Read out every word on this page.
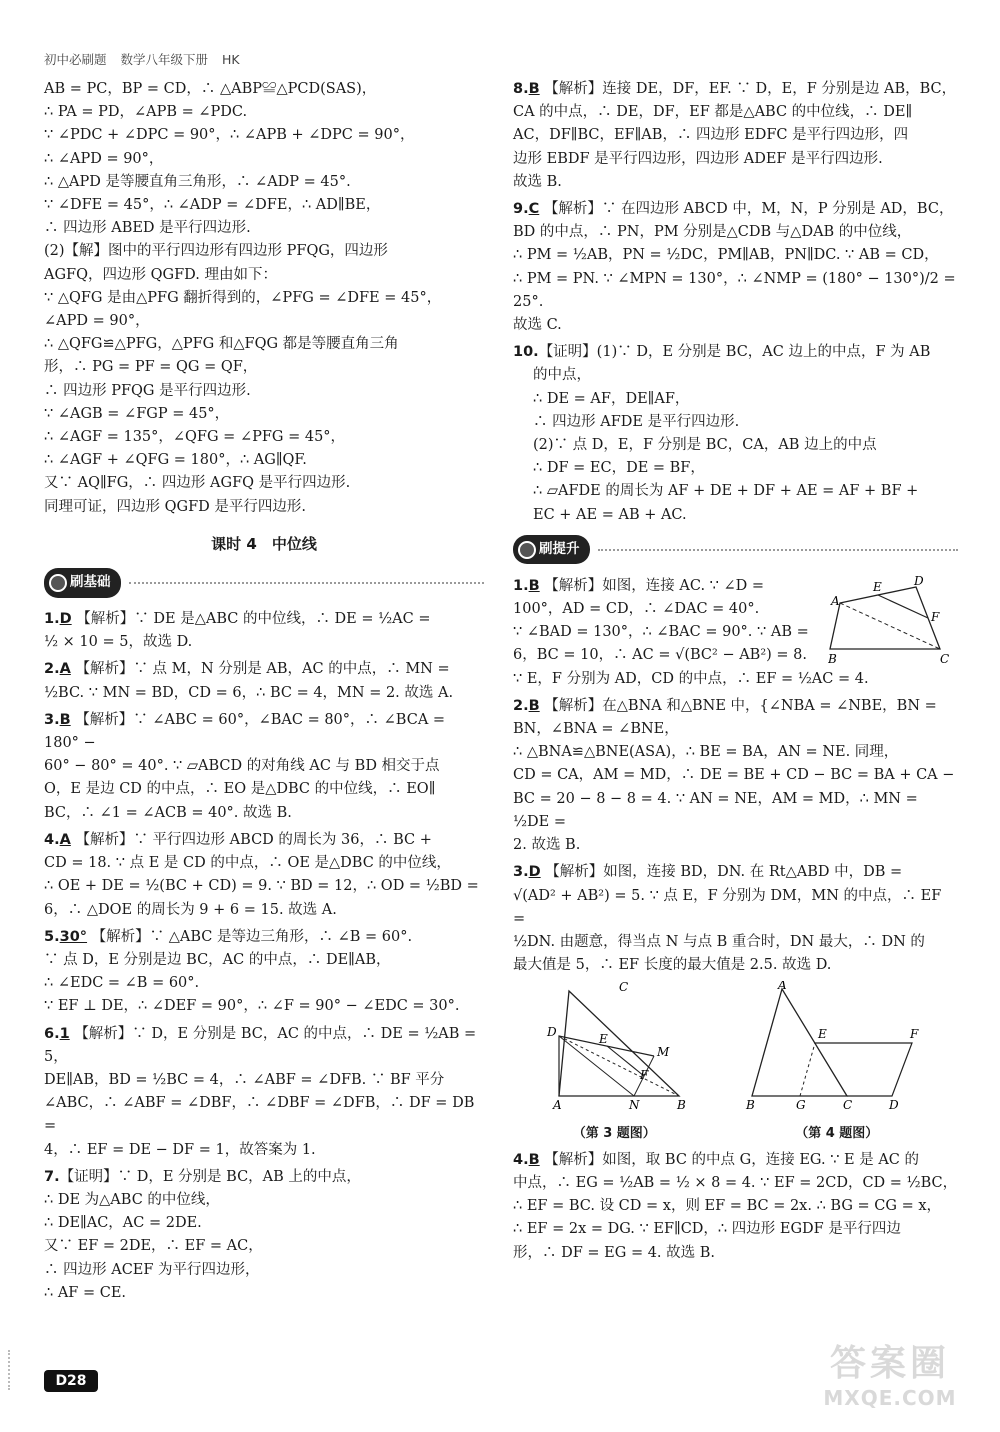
初中必刷题 数学八年级下册 HK

AB = PC，BP = CD，∴ △ABP≌△PCD(SAS)，

∴ PA = PD，∠APB = ∠PDC.

∵ ∠PDC + ∠DPC = 90°，∴ ∠APB + ∠DPC = 90°，

∴ ∠APD = 90°，

∴ △APD 是等腰直角三角形，∴ ∠ADP = 45°.

∵ ∠DFE = 45°，∴ ∠ADP = ∠DFE，∴ AD∥BE，

∴ 四边形 ABED 是平行四边形.

(2)【解】图中的平行四边形有四边形 PFQG，四边形

AGFQ，四边形 QGFD. 理由如下：

∵ △QFG 是由△PFG 翻折得到的，∠PFG = ∠DFE = 45°，

∠APD = 90°，

∴ △QFG≌△PFG，△PFG 和△FQG 都是等腰直角三角

形，∴ PG = PF = QG = QF，

∴ 四边形 PFQG 是平行四边形.

∵ ∠AGB = ∠FGP = 45°，

∴ ∠AGF = 135°，∠QFG = ∠PFG = 45°，

∴ ∠AGF + ∠QFG = 180°，∴ AG∥QF.

又∵ AQ∥FG，∴ 四边形 AGFQ 是平行四边形.

同理可证，四边形 QGFD 是平行四边形.

课时 4　中位线
刷基础

1.D 【解析】∵ DE 是△ABC 的中位线，∴ DE = ½AC =

½ × 10 = 5，故选 D.

2.A 【解析】∵ 点 M，N 分别是 AB，AC 的中点，∴ MN =

½BC. ∵ MN = BD，CD = 6，∴ BC = 4，MN = 2. 故选 A.

3.B 【解析】∵ ∠ABC = 60°，∠BAC = 80°，∴ ∠BCA = 180° −

60° − 80° = 40°. ∵ ▱ABCD 的对角线 AC 与 BD 相交于点

O，E 是边 CD 的中点，∴ EO 是△DBC 的中位线，∴ EO∥

BC，∴ ∠1 = ∠ACB = 40°. 故选 B.

4.A 【解析】∵ 平行四边形 ABCD 的周长为 36，∴ BC +

CD = 18. ∵ 点 E 是 CD 的中点，∴ OE 是△DBC 的中位线，

∴ OE + DE = ½(BC + CD) = 9. ∵ BD = 12，∴ OD = ½BD =

6，∴ △DOE 的周长为 9 + 6 = 15. 故选 A.

5.30° 【解析】∵ △ABC 是等边三角形，∴ ∠B = 60°.

∵ 点 D，E 分别是边 BC，AC 的中点，∴ DE∥AB，

∴ ∠EDC = ∠B = 60°.

∵ EF ⊥ DE，∴ ∠DEF = 90°，∴ ∠F = 90° − ∠EDC = 30°.

6.1 【解析】∵ D，E 分别是 BC，AC 的中点，∴ DE = ½AB = 5，

DE∥AB，BD = ½BC = 4，∴ ∠ABF = ∠DFB. ∵ BF 平分

∠ABC，∴ ∠ABF = ∠DBF，∴ ∠DBF = ∠DFB，∴ DF = DB =

4，∴ EF = DE − DF = 1，故答案为 1.

7.【证明】∵ D，E 分别是 BC，AB 上的中点，

∴ DE 为△ABC 的中位线，

∴ DE∥AC，AC = 2DE.

又∵ EF = 2DE，∴ EF = AC，

∴ 四边形 ACEF 为平行四边形，

∴ AF = CE.

8.B 【解析】连接 DE，DF，EF. ∵ D，E，F 分别是边 AB，BC，

CA 的中点，∴ DE，DF，EF 都是△ABC 的中位线，∴ DE∥

AC，DF∥BC，EF∥AB，∴ 四边形 EDFC 是平行四边形，四

边形 EBDF 是平行四边形，四边形 ADEF 是平行四边形.

故选 B.

9.C 【解析】∵ 在四边形 ABCD 中，M，N，P 分别是 AD，BC，

BD 的中点，∴ PN，PM 分别是△CDB 与△DAB 的中位线，

∴ PM = ½AB，PN = ½DC，PM∥AB，PN∥DC. ∵ AB = CD，

∴ PM = PN. ∵ ∠MPN = 130°，∴ ∠NMP = (180° − 130°)/2 = 25°.

故选 C.

10.【证明】(1)∵ D，E 分别是 BC，AC 边上的中点，F 为 AB

的中点，

∴ DE = AF，DE∥AF，

∴ 四边形 AFDE 是平行四边形.

(2)∵ 点 D，E，F 分别是 BC，CA，AB 边上的中点

∴ DF = EC，DE = BF，

∴ ▱AFDE 的周长为 AF + DE + DF + AE = AF + BF +

EC + AE = AB + AC.

刷提升
A
E	D
F
B	C

1.B 【解析】如图，连接 AC. ∵ ∠D =

100°，AD = CD，∴ ∠DAC = 40°.

∵ ∠BAD = 130°，∴ ∠BAC = 90°. ∵ AB =

6，BC = 10，∴ AC = √(BC² − AB²) = 8.

∵ E，F 分别为 AD，CD 的中点，∴ EF = ½AC = 4.

2.B 【解析】在△BNA 和△BNE 中，{∠NBA = ∠NBE，BN = BN，∠BNA = ∠BNE，

∴ △BNA≌△BNE(ASA)，∴ BE = BA，AN = NE. 同理，

CD = CA，AM = MD，∴ DE = BE + CD − BC = BA + CA −

BC = 20 − 8 − 8 = 4. ∵ AN = NE，AM = MD，∴ MN = ½DE =

2. 故选 B.

3.D 【解析】如图，连接 BD，DN. 在 Rt△ABD 中，DB =

√(AD² + AB²) = 5. ∵ 点 E，F 分别为 DM，MN 的中点，∴ EF =

½DN. 由题意，得当点 N 与点 B 重合时，DN 最大，∴ DN 的

最大值是 5，∴ EF 长度的最大值是 2.5. 故选 D.

C
D	E
M
F
A	N	B
（第 3 题图）
A
E	F
B	G	C	D
（第 4 题图）

4.B 【解析】如图，取 BC 的中点 G，连接 EG. ∵ E 是 AC 的

中点，∴ EG = ½AB = ½ × 8 = 4. ∵ EF = 2CD，CD = ½BC，

∴ EF = BC. 设 CD = x，则 EF = BC = 2x. ∴ BG = CG = x，

∴ EF = 2x = DG. ∵ EF∥CD，∴ 四边形 EGDF 是平行四边

形，∴ DF = EG = 4. 故选 B.

D28	答案圈
MXQE.COM
